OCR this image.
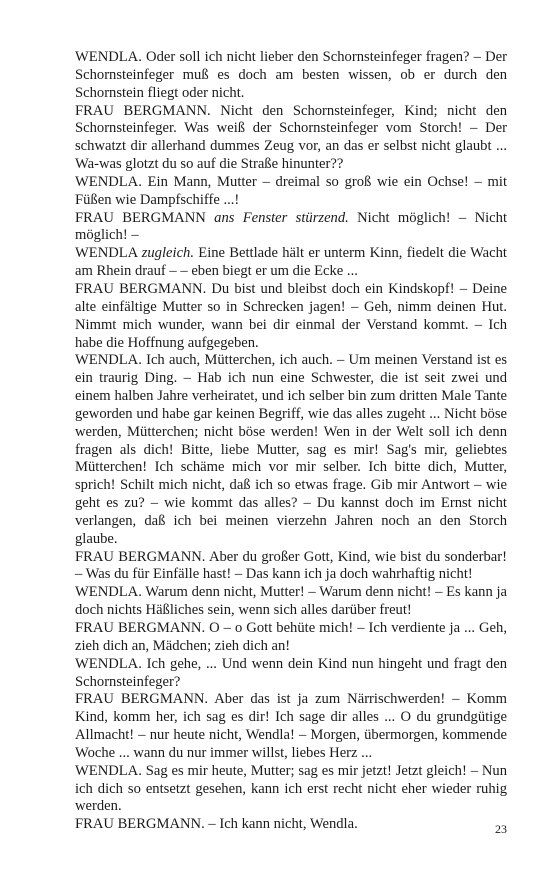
WENDLA. Oder soll ich nicht lieber den Schornsteinfeger fragen? – Der Schornsteinfeger muß es doch am besten wissen, ob er durch den Schornstein fliegt oder nicht.

FRAU BERGMANN. Nicht den Schornsteinfeger, Kind; nicht den Schornsteinfeger. Was weiß der Schornsteinfeger vom Storch! – Der schwatzt dir allerhand dummes Zeug vor, an das er selbst nicht glaubt ... Wa-was glotzt du so auf die Straße hinunter??

WENDLA. Ein Mann, Mutter – dreimal so groß wie ein Ochse! – mit Füßen wie Dampfschiffe ...!

FRAU BERGMANN ans Fenster stürzend. Nicht möglich! – Nicht möglich! –

WENDLA zugleich. Eine Bettlade hält er unterm Kinn, fiedelt die Wacht am Rhein drauf – – eben biegt er um die Ecke ...

FRAU BERGMANN. Du bist und bleibst doch ein Kindskopf! – Deine alte einfältige Mutter so in Schrecken jagen! – Geh, nimm deinen Hut. Nimmt mich wunder, wann bei dir einmal der Verstand kommt. – Ich habe die Hoffnung aufgegeben.

WENDLA. Ich auch, Mütterchen, ich auch. – Um meinen Verstand ist es ein traurig Ding. – Hab ich nun eine Schwester, die ist seit zwei und einem halben Jahre verheiratet, und ich selber bin zum dritten Male Tante geworden und habe gar keinen Begriff, wie das alles zugeht ... Nicht böse werden, Mütterchen; nicht böse werden! Wen in der Welt soll ich denn fragen als dich! Bitte, liebe Mutter, sag es mir! Sag's mir, geliebtes Mütterchen! Ich schäme mich vor mir selber. Ich bitte dich, Mutter, sprich! Schilt mich nicht, daß ich so etwas frage. Gib mir Antwort – wie geht es zu? – wie kommt das alles? – Du kannst doch im Ernst nicht verlangen, daß ich bei meinen vierzehn Jahren noch an den Storch glaube.

FRAU BERGMANN. Aber du großer Gott, Kind, wie bist du sonderbar! – Was du für Einfälle hast! – Das kann ich ja doch wahrhaftig nicht!

WENDLA. Warum denn nicht, Mutter! – Warum denn nicht! – Es kann ja doch nichts Häßliches sein, wenn sich alles darüber freut!

FRAU BERGMANN. O – o Gott behüte mich! – Ich verdiente ja ... Geh, zieh dich an, Mädchen; zieh dich an!

WENDLA. Ich gehe, ... Und wenn dein Kind nun hingeht und fragt den Schornsteinfeger?

FRAU BERGMANN. Aber das ist ja zum Närrischwerden! – Komm Kind, komm her, ich sag es dir! Ich sage dir alles ... O du grundgütige Allmacht! – nur heute nicht, Wendla! – Morgen, übermorgen, kommende Woche ... wann du nur immer willst, liebes Herz ...

WENDLA. Sag es mir heute, Mutter; sag es mir jetzt! Jetzt gleich! – Nun ich dich so entsetzt gesehen, kann ich erst recht nicht eher wieder ruhig werden.

FRAU BERGMANN. – Ich kann nicht, Wendla.	23
